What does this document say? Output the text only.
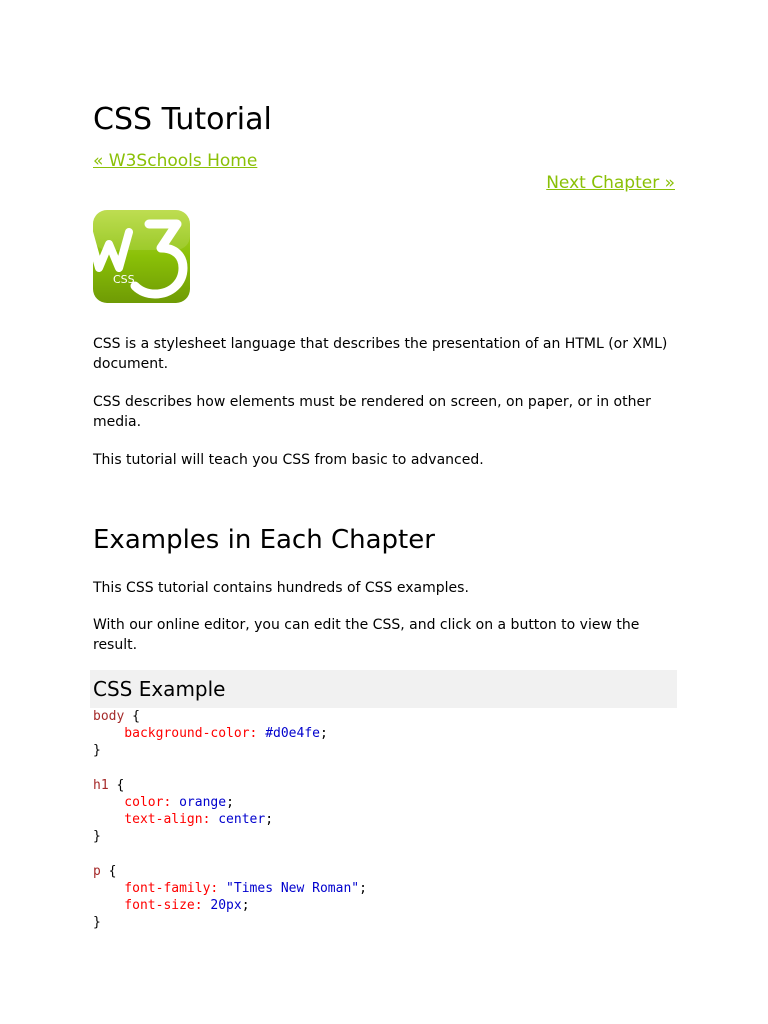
CSS Tutorial
« W3Schools Home
Next Chapter »
CSS

CSS is a stylesheet language that describes the presentation of an HTML (or XML) document.

CSS describes how elements must be rendered on screen, on paper, or in other media.

This tutorial will teach you CSS from basic to advanced.

Examples in Each Chapter

This CSS tutorial contains hundreds of CSS examples.

With our online editor, you can edit the CSS, and click on a button to view the result.

CSS Example
body {
background-color: #d0e4fe;
}

h1 {
color: orange;
text-align: center;
}

p {
font-family: "Times New Roman";
font-size: 20px;
}
